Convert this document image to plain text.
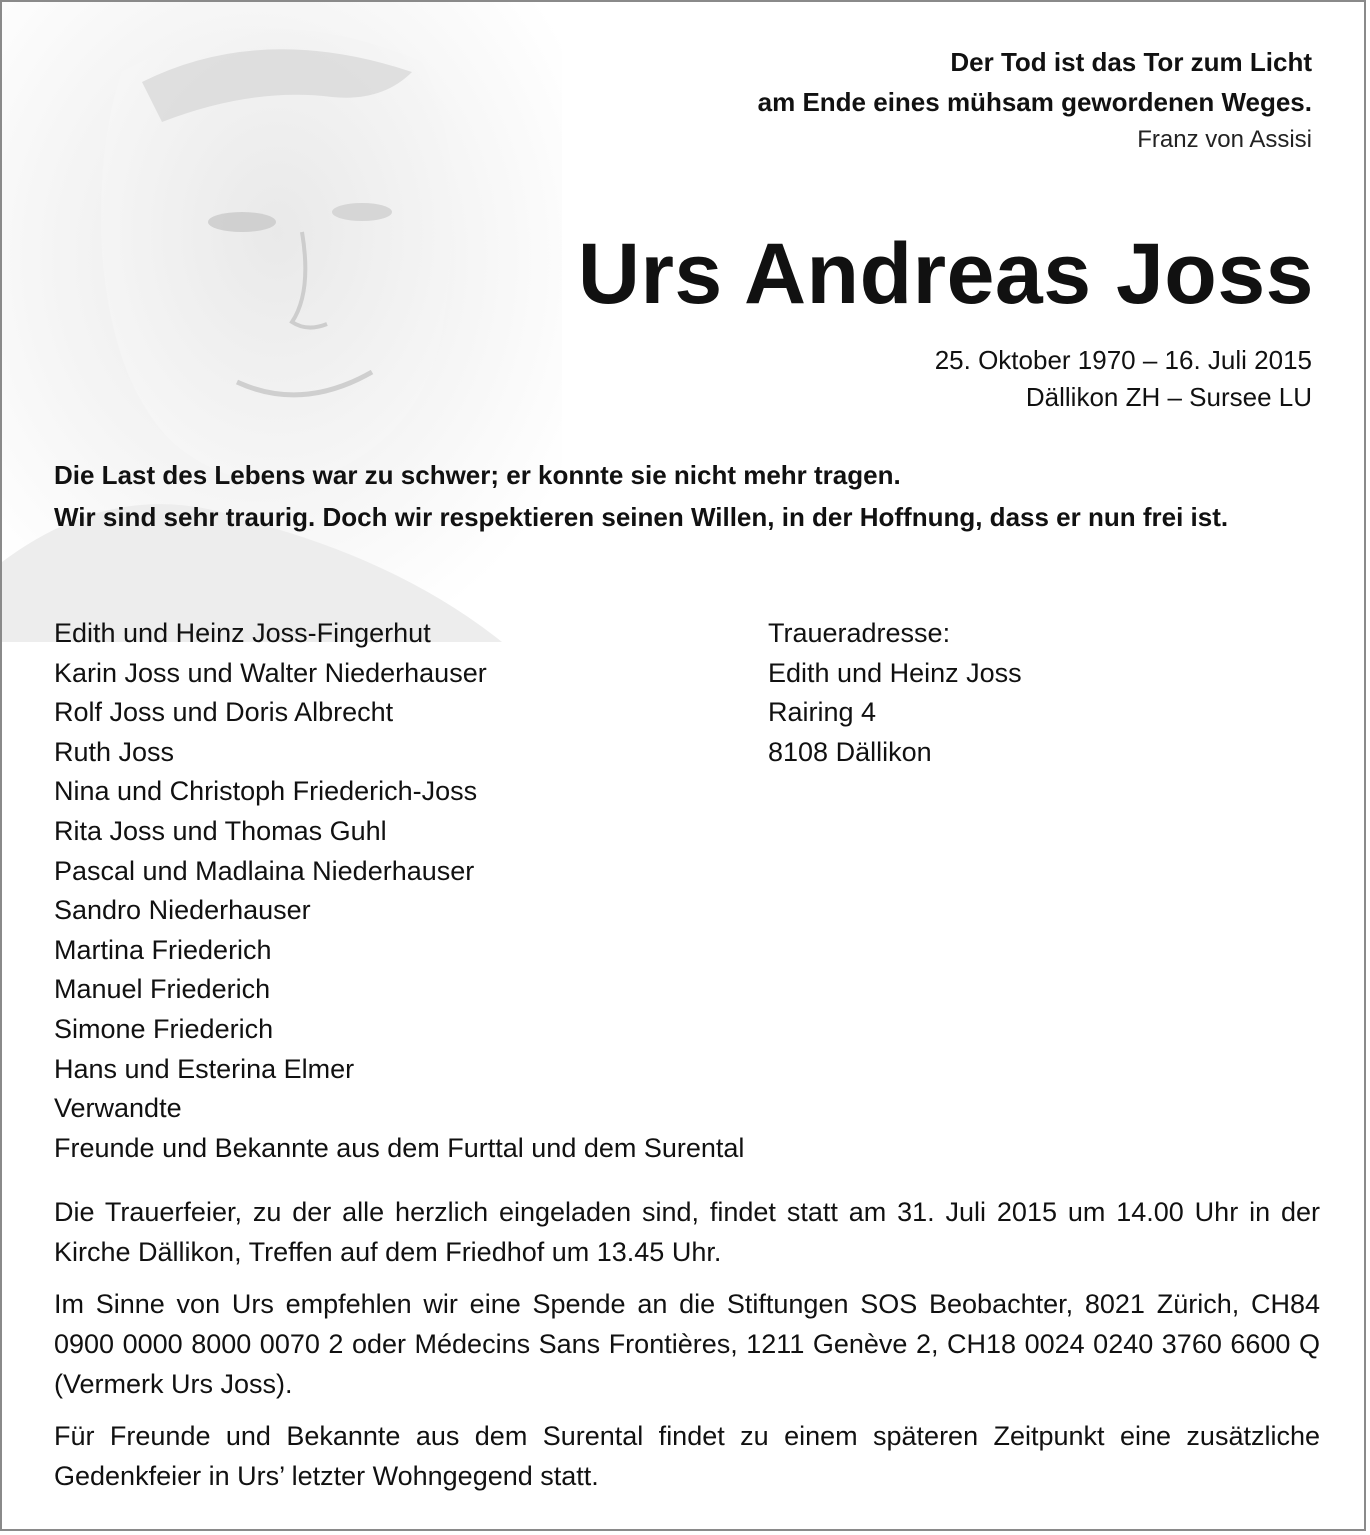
Der Tod ist das Tor zum Licht
am Ende eines mühsam gewordenen Weges.
Franz von Assisi
Urs Andreas Joss
25. Oktober 1970 – 16. Juli 2015
Dällikon ZH – Sursee LU
Die Last des Lebens war zu schwer; er konnte sie nicht mehr tragen.
Wir sind sehr traurig. Doch wir respektieren seinen Willen, in der Hoffnung, dass er nun frei ist.
Edith und Heinz Joss-Fingerhut
Karin Joss und Walter Niederhauser
Rolf Joss und Doris Albrecht
Ruth Joss
Nina und Christoph Friederich-Joss
Rita Joss und Thomas Guhl
Pascal und Madlaina Niederhauser
Sandro Niederhauser
Martina Friederich
Manuel Friederich
Simone Friederich
Hans und Esterina Elmer
Verwandte
Freunde und Bekannte aus dem Furttal und dem Surental
Traueradresse:
Edith und Heinz Joss
Rairing 4
8108 Dällikon
Die Trauerfeier, zu der alle herzlich eingeladen sind, findet statt am 31. Juli 2015 um 14.00 Uhr in der Kirche Dällikon, Treffen auf dem Friedhof um 13.45 Uhr.
Im Sinne von Urs empfehlen wir eine Spende an die Stiftungen SOS Beobachter, 8021 Zürich, CH84 0900 0000 8000 0070 2 oder Médecins Sans Frontières, 1211 Genève 2, CH18 0024 0240 3760 6600 Q (Vermerk Urs Joss).
Für Freunde und Bekannte aus dem Surental findet zu einem späteren Zeitpunkt eine zusätzliche Gedenkfeier in Urs’ letzter Wohngegend statt.
